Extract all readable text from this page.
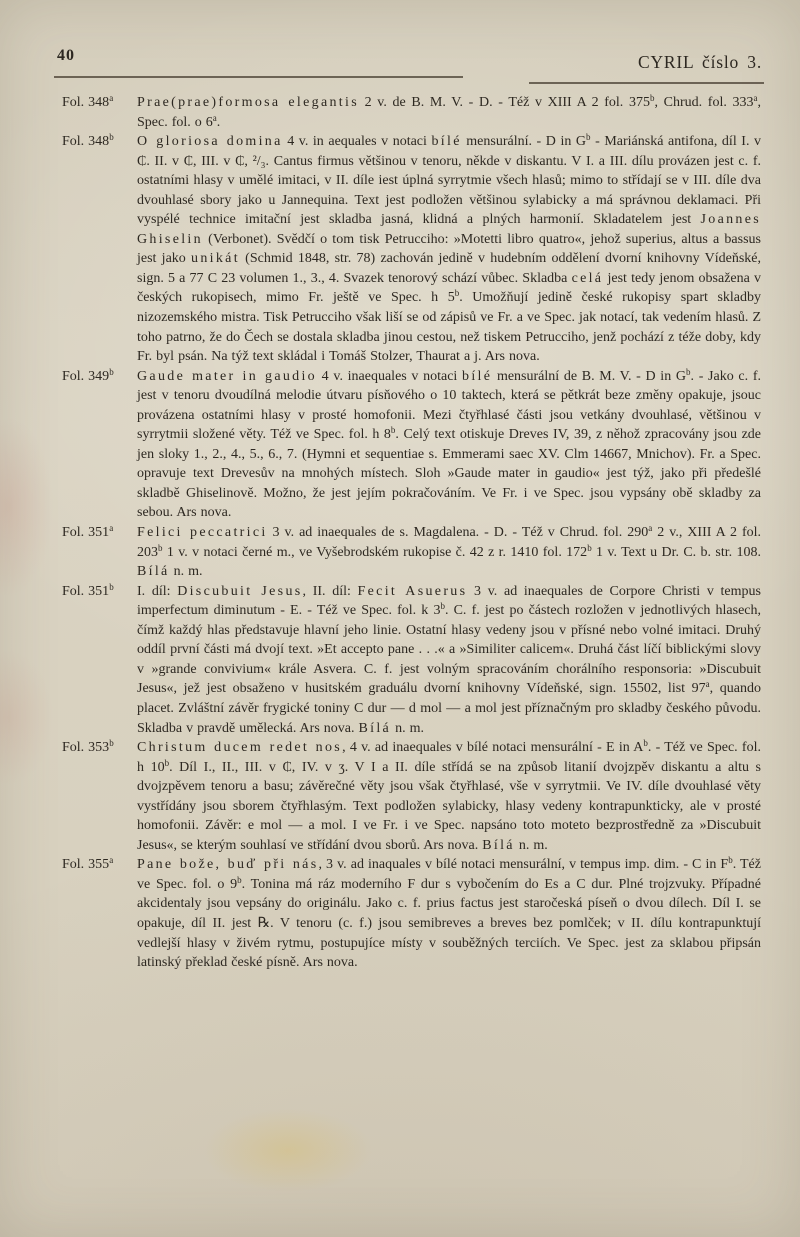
40	CYRIL číslo 3.
Fol. 348$^a$ Prae(prae)formosa elegantis 2 v. de B. M. V. - D. - Též v XIII A 2 fol. 375$^b$, Chrud. fol. 333$^a$, Spec. fol. o 6$^a$.
Fol. 348$^b$ O gloriosa domina 4 v. in aequales v notaci bílé mensurální. - D in $G^b$ - Mariánská antifona, díl I. v ₵. II. v ₵, III. v ₵, ²/₃. Cantus firmus většinou v tenoru, někde v diskantu. V I. a III. dílu provázen jest c. f. ostatními hlasy v umělé imitaci, v II. díle iest úplná syrrytmie všech hlasů; mimo to střídají se v III. díle dva dvouhlasé sbory jako u Jannequina. Text jest podložen většinou sylabicky a má správnou deklamaci. Při vyspélé technice imitační jest skladba jasná, klidná a plných harmonií. Skladatelem jest Joannes Ghiselin (Verbonet). Svědčí o tom tisk Petrucciho: »Motetti libro quatro«, jehož superius, altus a bassus jest jako unikát (Schmid 1848, str. 78) zachován jedině v hudebním oddělení dvorní knihovny Vídeňské, sign. 5 a 77 C 23 volumen 1., 3., 4. Svazek tenorový schází vůbec. Skladba celá jest tedy jenom obsažena v českých rukopisech, mimo Fr. ještě ve Spec. h 5$^b$. Umožňují jedině české rukopisy spart skladby nizozemského mistra. Tisk Petrucciho však liší se od zápisů ve Fr. a ve Spec. jak notací, tak vedením hlasů. Z toho patrno, že do Čech se dostala skladba jinou cestou, než tiskem Petrucciho, jenž pochází z téže doby, kdy Fr. byl psán. Na týž text skládal i Tomáš Stolzer, Thaurat a j. Ars nova.
Fol. 349$^b$ Gaude mater in gaudio 4 v. inaequales v notaci bílé mensurální de B. M. V. - D in $G^b$. - Jako c. f. jest v tenoru dvoudílná melodie útvaru písňového o 10 taktech, která se pětkrát beze změny opakuje, jsouc provázena ostatními hlasy v prosté homofonii. Mezi čtyřhlasé části jsou vetkány dvouhlasé, většinou v syrrytmii složené věty. Též ve Spec. fol. h 8$^b$. Celý text otiskuje Dreves IV, 39, z něhož zpracovány jsou zde jen sloky 1., 2., 4., 5., 6., 7. (Hymni et sequentiae s. Emmerami saec XV. Clm 14667, Mnichov). Fr. a Spec. opravuje text Drevesův na mnohých místech. Sloh »Gaude mater in gaudio« jest týž, jako při předešlé skladbě Ghiselinově. Možno, že jest jejím pokračováním. Ve Fr. i ve Spec. jsou vypsány obě skladby za sebou. Ars nova.
Fol. 351$^a$ Felici peccatrici 3 v. ad inaequales de s. Magdalena. - D. - Též v Chrud. fol. 290$^a$ 2 v., XIII A 2 fol. 203$^b$ 1 v. v notaci černé m., ve Vyšebrodském rukopise č. 42 z r. 1410 fol. 172$^b$ 1 v. Text u Dr. C. b. str. 108. Bílá n. m.
Fol. 351$^b$ I. díl: Discubuit Jesus, II. díl: Fecit Asuerus 3 v. ad inaequales de Corpore Christi v tempus imperfectum diminutum - E. - Též ve Spec. fol. k 3$^b$. C. f. jest po částech rozložen v jednotlivých hlasech, čímž každý hlas představuje hlavní jeho linie. Ostatní hlasy vedeny jsou v přísné nebo volné imitaci. Druhý oddíl první části má dvojí text. »Et accepto pane . . .« a »Similiter calicem«. Druhá část líčí biblickými slovy v »grande convivium« krále Asvera. C. f. jest volným spracováním chorálního responsoria: »Discubuit Jesus«, jež jest obsaženo v husitském graduálu dvorní knihovny Vídeňské, sign. 15502, list 97$^a$, quando placet. Zvláštní závěr frygické toniny C dur — d mol — a mol jest příznačným pro skladby českého původu. Skladba v pravdě umělecká. Ars nova. Bílá n. m.
Fol. 353$^b$ Christum ducem redet nos, 4 v. ad inaequales v bílé notaci mensurální - E in $A^b$. - Též ve Spec. fol. h 10$^b$. Díl I., II., III. v ₵, IV. v ʒ. V I a II. díle střídá se na způsob litanií dvojzpěv diskantu a altu s dvojzpěvem tenoru a basu; závěrečné věty jsou však čtyřhlasé, vše v syrrytmii. Ve IV. díle dvouhlasé věty vystřídány jsou sborem čtyřhlasým. Text podložen sylabicky, hlasy vedeny kontrapunkticky, ale v prosté homofonii. Závěr: e mol — a mol. I ve Fr. i ve Spec. napsáno toto moteto bezprostředně za »Discubuit Jesus«, se kterým souhlasí ve střídání dvou sborů. Ars nova. Bílá n. m.
Fol. 355$^a$ Pane bože, buď při nás, 3 v. ad inaquales v bílé notaci mensurální, v tempus imp. dim. - C in $F^b$. Též ve Spec. fol. o 9$^b$. Tonina má ráz moderního F dur s vybočením do Es a C dur. Plné trojzvuky. Případné akcidentaly jsou vepsány do originálu. Jako c. f. prius factus jest staročeská píseň o dvou dílech. Díl I. se opakuje, díl II. jest ℞. V tenoru (c. f.) jsou semibreves a breves bez pomlček; v II. dílu kontrapunktují vedlejší hlasy v živém rytmu, postupujíce místy v souběžných terciích. Ve Spec. jest za sklabou připsán latinský překlad české písně. Ars nova.
